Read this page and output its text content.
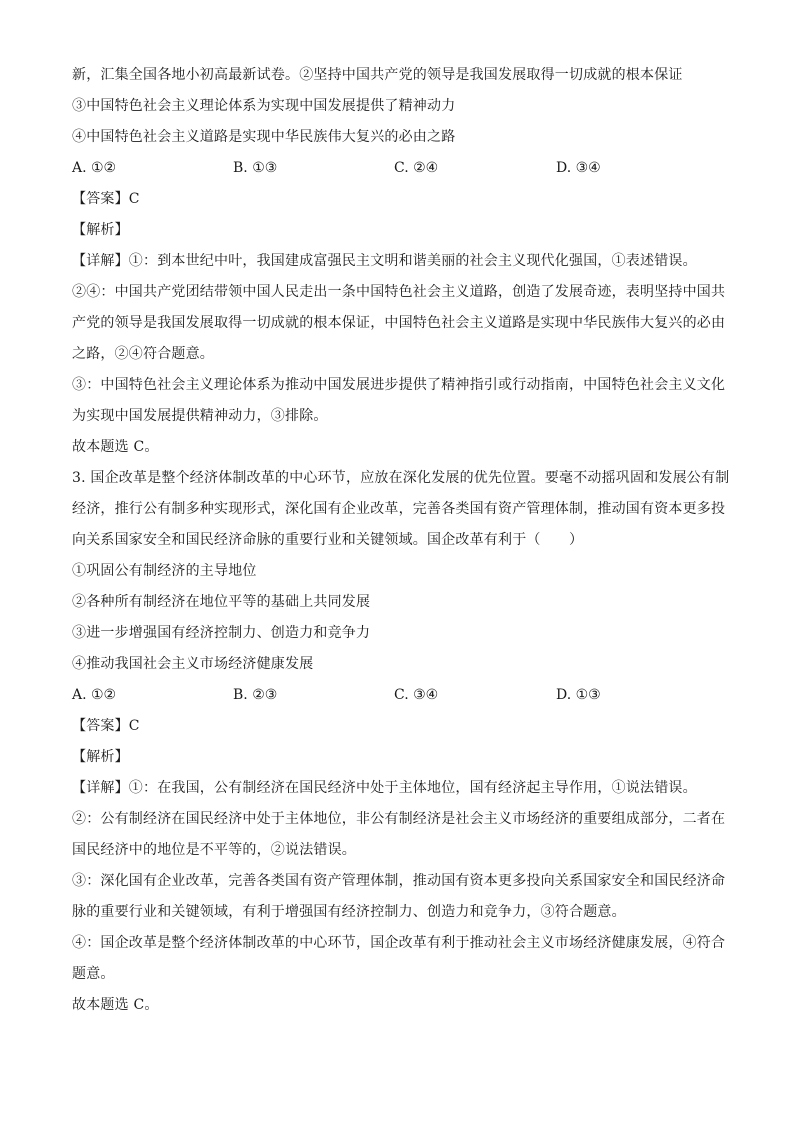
新，汇集全国各地小初高最新试卷。②坚持中国共产党的领导是我国发展取得一切成就的根本保证
③中国特色社会主义理论体系为实现中国发展提供了精神动力
④中国特色社会主义道路是实现中华民族伟大复兴的必由之路
A. ①②	B. ①③	C. ②④	D. ③④
【答案】C
【解析】
【详解】①：到本世纪中叶，我国建成富强民主文明和谐美丽的社会主义现代化强国，①表述错误。
②④：中国共产党团结带领中国人民走出一条中国特色社会主义道路，创造了发展奇迹，表明坚持中国共
产党的领导是我国发展取得一切成就的根本保证，中国特色社会主义道路是实现中华民族伟大复兴的必由
之路，②④符合题意。
③：中国特色社会主义理论体系为推动中国发展进步提供了精神指引或行动指南，中国特色社会主义文化
为实现中国发展提供精神动力，③排除。
故本题选 C。
3. 国企改革是整个经济体制改革的中心环节，应放在深化发展的优先位置。要毫不动摇巩固和发展公有制
经济，推行公有制多种实现形式，深化国有企业改革，完善各类国有资产管理体制，推动国有资本更多投
向关系国家安全和国民经济命脉的重要行业和关键领域。国企改革有利于（　　）
①巩固公有制经济的主导地位
②各种所有制经济在地位平等的基础上共同发展
③进一步增强国有经济控制力、创造力和竞争力
④推动我国社会主义市场经济健康发展
A. ①②	B. ②③	C. ③④	D. ①③
【答案】C
【解析】
【详解】①：在我国，公有制经济在国民经济中处于主体地位，国有经济起主导作用，①说法错误。
②：公有制经济在国民经济中处于主体地位，非公有制经济是社会主义市场经济的重要组成部分，二者在
国民经济中的地位是不平等的，②说法错误。
③：深化国有企业改革，完善各类国有资产管理体制，推动国有资本更多投向关系国家安全和国民经济命
脉的重要行业和关键领域，有利于增强国有经济控制力、创造力和竞争力，③符合题意。
④：国企改革是整个经济体制改革的中心环节，国企改革有利于推动社会主义市场经济健康发展，④符合
题意。
故本题选 C。
